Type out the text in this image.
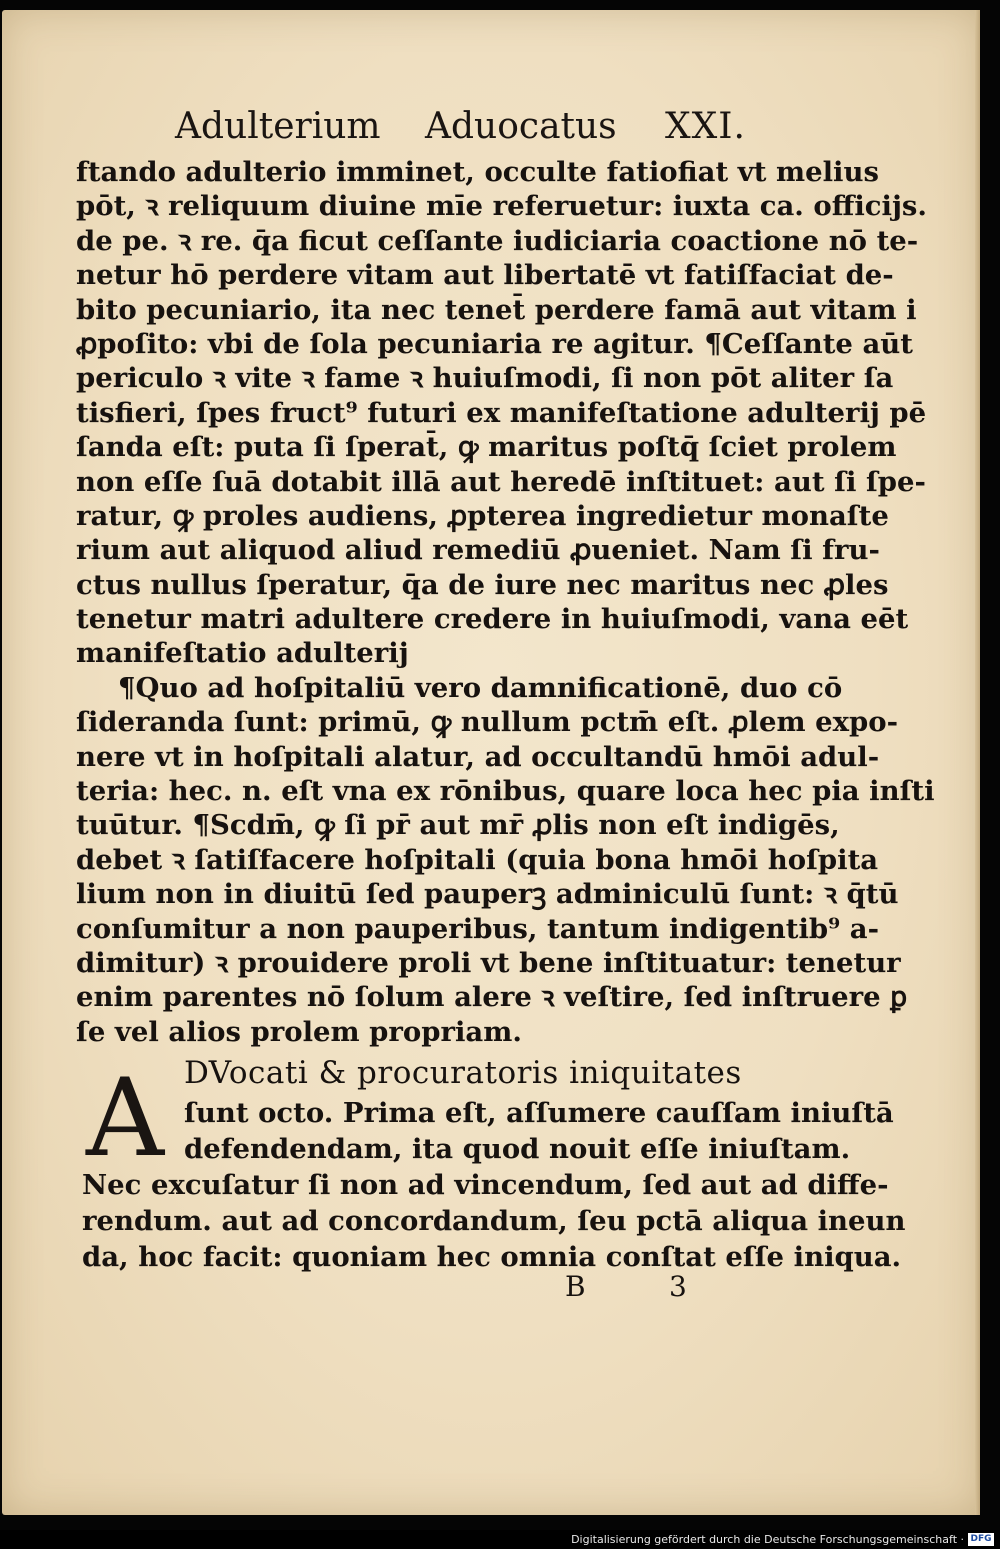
Adulterium Aduocatus XXI.
ftando adulterio imminet, occulte fatiofiat vt melius
pōt, ꝛ reliquum diuine mīe referuetur: iuxta ca. officijs.
de pe. ꝛ re. q̄a ficut ceſſante iudiciaria coactione nō te-
netur hō perdere vitam aut libertatē vt fatiſfaciat de-
bito pecuniario, ita nec tenet̄ perdere famā aut vitam i
ꝓpoſito: vbi de ſola pecuniaria re agitur. ¶Ceſſante aūt
periculo ꝛ vite ꝛ fame ꝛ huiuſmodi, ſi non pōt aliter ſa
tisfieri, ſpes fruct⁹ futuri ex manifeſtatione adulterij pē
ſanda eſt: puta ſi ſperat̄, ꝙ maritus poſtq̄ ſciet prolem
non eſſe ſuā dotabit illā aut heredē inſtituet: aut ſi ſpe-
ratur, ꝙ proles audiens, ꝓpterea ingredietur monaſte
rium aut aliquod aliud remediū ꝓueniet. Nam ſi fru-
ctus nullus ſperatur, q̄a de iure nec maritus nec ꝓles
tenetur matri adultere credere in huiuſmodi, vana eēt
manifeſtatio adulterij
¶Quo ad hoſpitaliū vero damnificationē, duo cō
ſideranda ſunt: primū, ꝙ nullum pctm̄ eſt. ꝓlem expo-
nere vt in hoſpitali alatur, ad occultandū hmōi adul-
teria: hec. n. eſt vna ex rōnibus, quare loca hec pia inſti
tuūtur. ¶Scdm̄, ꝙ ſi pr̄ aut mr̄ ꝓlis non eſt indigēs,
debet ꝛ ſatiſfacere hoſpitali (quia bona hmōi hoſpita
lium non in diuitū ſed pauperꝫ adminiculū ſunt: ꝛ q̄tū
conſumitur a non pauperibus, tantum indigentib⁹ a-
dimitur) ꝛ prouidere proli vt bene inſtituatur: tenetur
enim parentes nō ſolum alere ꝛ veſtire, ſed inſtruere ꝑ
ſe vel alios prolem propriam.
A DVocati & procuratoris iniquitates
ſunt octo. Prima eſt, aſſumere cauſſam iniuſtā
defendendam, ita quod nouit eſſe iniuſtam.
Nec excuſatur ſi non ad vincendum, ſed aut ad diffe-
rendum. aut ad concordandum, ſeu pctā aliqua ineun
da, hoc facit: quoniam hec omnia conſtat eſſe iniqua.
B	3
Digitalisierung gefördert durch die Deutsche Forschungsgemeinschaft · DFG
